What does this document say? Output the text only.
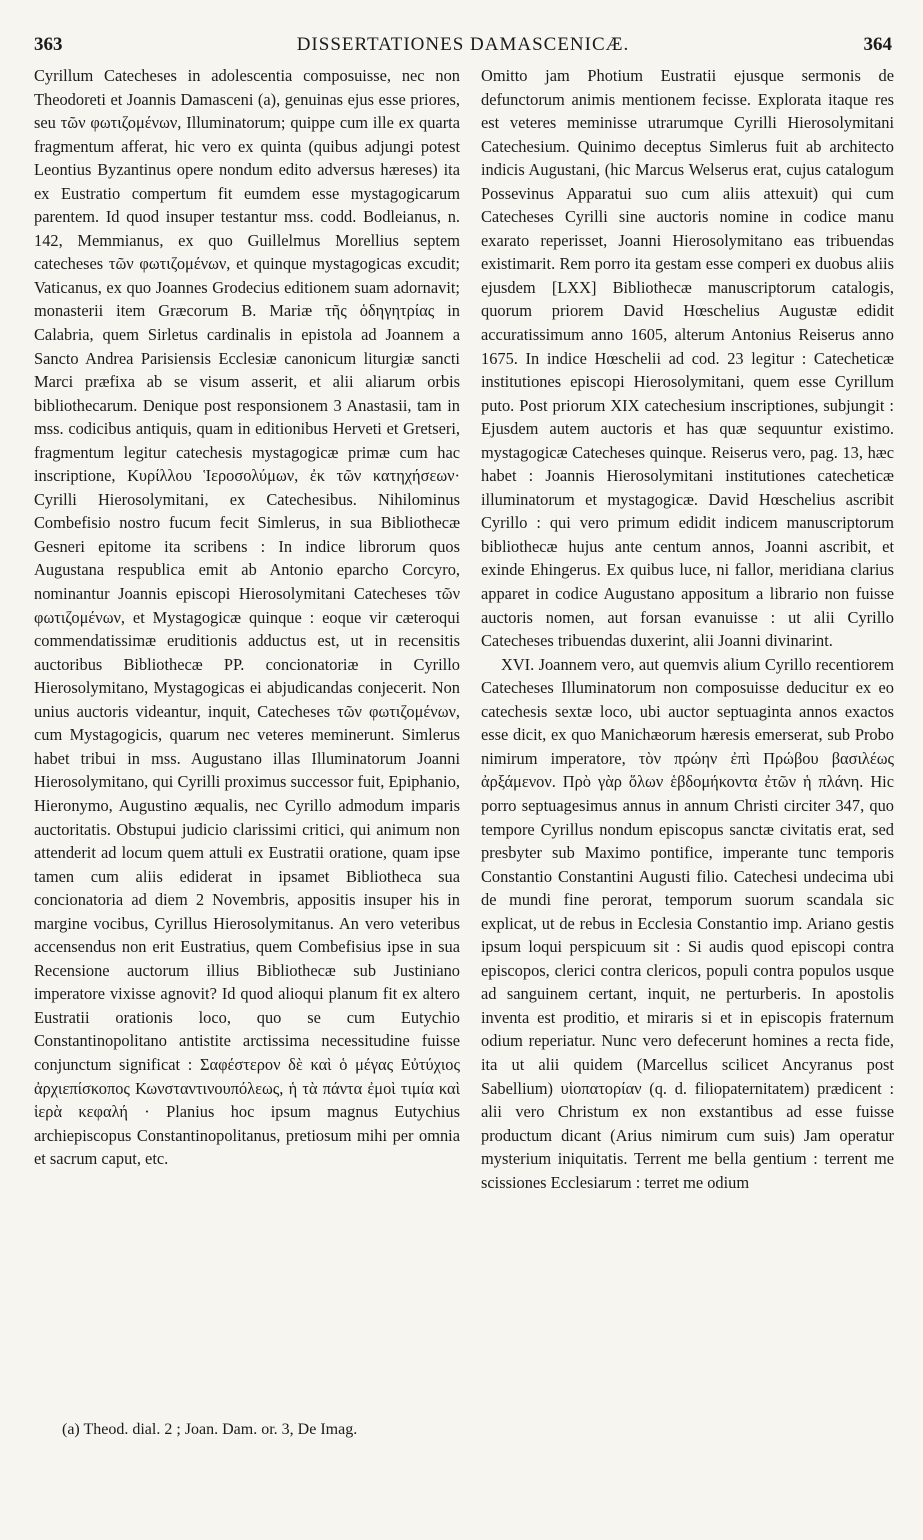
363	DISSERTATIONES DAMASCENICÆ.	364

Cyrillum Catecheses in adolescentia composuisse, nec non Theodoreti et Joannis Damasceni (a), genuinas ejus esse priores, seu τῶν φωτιζομένων, Illuminatorum; quippe cum ille ex quarta fragmentum afferat, hic vero ex quinta (quibus adjungi potest Leontius Byzantinus opere nondum edito adversus hæreses) ita ex Eustratio compertum fit eumdem esse mystagogicarum parentem. Id quod insuper testantur mss. codd. Bodleianus, n. 142, Memmianus, ex quo Guillelmus Morellius septem catecheses τῶν φωτιζομένων, et quinque mystagogicas excudit; Vaticanus, ex quo Joannes Grodecius editionem suam adornavit; monasterii item Græcorum B. Mariæ τῆς ὁδηγητρίας in Calabria, quem Sirletus cardinalis in epistola ad Joannem a Sancto Andrea Parisiensis Ecclesiæ canonicum liturgiæ sancti Marci præfixa ab se visum asserit, et alii aliarum orbis bibliothecarum. Denique post responsionem 3 Anastasii, tam in mss. codicibus antiquis, quam in editionibus Herveti et Gretseri, fragmentum legitur catechesis mystagogicæ primæ cum hac inscriptione, Κυρίλλου Ἱεροσολύμων, ἐκ τῶν κατηχήσεων· Cyrilli Hierosolymitani, ex Catechesibus. Nihilominus Combefisio nostro fucum fecit Simlerus, in sua Bibliothecæ Gesneri epitome ita scribens : In indice librorum quos Augustana respublica emit ab Antonio eparcho Corcyro, nominantur Joannis episcopi Hierosolymitani Catecheses τῶν φωτιζομένων, et Mystagogicæ quinque : eoque vir cæteroqui commendatissimæ eruditionis adductus est, ut in recensitis auctoribus Bibliothecæ PP. concionatoriæ in Cyrillo Hierosolymitano, Mystagogicas ei abjudicandas conjecerit. Non unius auctoris videantur, inquit, Catecheses τῶν φωτιζομένων, cum Mystagogicis, quarum nec veteres meminerunt. Simlerus habet tribui in mss. Augustano illas Illuminatorum Joanni Hierosolymitano, qui Cyrilli proximus successor fuit, Epiphanio, Hieronymo, Augustino æqualis, nec Cyrillo admodum imparis auctoritatis. Obstupui judicio clarissimi critici, qui animum non attenderit ad locum quem attuli ex Eustratii oratione, quam ipse tamen cum aliis ediderat in ipsamet Bibliotheca sua concionatoria ad diem 2 Novembris, appositis insuper his in margine vocibus, Cyrillus Hierosolymitanus. An vero veteribus accensendus non erit Eustratius, quem Combefisius ipse in sua Recensione auctorum illius Bibliothecæ sub Justiniano imperatore vixisse agnovit? Id quod alioqui planum fit ex altero Eustratii orationis loco, quo se cum Eutychio Constantinopolitano antistite arctissima necessitudine fuisse conjunctum significat : Σαφέστερον δὲ καὶ ὁ μέγας Εὐτύχιος ἀρχιεπίσκοπος Κωνσταντινουπόλεως, ἡ τὰ πάντα ἐμοὶ τιμία καὶ ἱερὰ κεφαλή · Planius hoc ipsum magnus Eutychius archiepiscopus Constantinopolitanus, pretiosum mihi per omnia et sacrum caput, etc.

Omitto jam Photium Eustratii ejusque sermonis de defunctorum animis mentionem fecisse. Explorata itaque res est veteres meminisse utrarumque Cyrilli Hierosolymitani Catechesium. Quinimo deceptus Simlerus fuit ab architecto indicis Augustani, (hic Marcus Welserus erat, cujus catalogum Possevinus Apparatui suo cum aliis attexuit) qui cum Catecheses Cyrilli sine auctoris nomine in codice manu exarato reperisset, Joanni Hierosolymitano eas tribuendas existimarit. Rem porro ita gestam esse comperi ex duobus aliis ejusdem [LXX] Bibliothecæ manuscriptorum catalogis, quorum priorem David Hœschelius Augustæ edidit accuratissimum anno 1605, alterum Antonius Reiserus anno 1675. In indice Hœschelii ad cod. 23 legitur : Catecheticæ institutiones episcopi Hierosolymitani, quem esse Cyrillum puto. Post priorum XIX catechesium inscriptiones, subjungit : Ejusdem autem auctoris et has quæ sequuntur existimo. mystagogicæ Catecheses quinque. Reiserus vero, pag. 13, hæc habet : Joannis Hierosolymitani institutiones catecheticæ illuminatorum et mystagogicæ. David Hœschelius ascribit Cyrillo : qui vero primum edidit indicem manuscriptorum bibliothecæ hujus ante centum annos, Joanni ascribit, et exinde Ehingerus. Ex quibus luce, ni fallor, meridiana clarius apparet in codice Augustano appositum a librario non fuisse auctoris nomen, aut forsan evanuisse : ut alii Cyrillo Catecheses tribuendas duxerint, alii Joanni divinarint.

XVI. Joannem vero, aut quemvis alium Cyrillo recentiorem Catecheses Illuminatorum non composuisse deducitur ex eo catechesis sextæ loco, ubi auctor septuaginta annos exactos esse dicit, ex quo Manichæorum hæresis emerserat, sub Probo nimirum imperatore, τὸν πρώην ἐπὶ Πρώβου βασιλέως ἀρξάμενον. Πρὸ γὰρ ὅλων ἑβδομήκοντα ἐτῶν ἡ πλάνη. Hic porro septuagesimus annus in annum Christi circiter 347, quo tempore Cyrillus nondum episcopus sanctæ civitatis erat, sed presbyter sub Maximo pontifice, imperante tunc temporis Constantio Constantini Augusti filio. Catechesi undecima ubi de mundi fine perorat, temporum suorum scandala sic explicat, ut de rebus in Ecclesia Constantio imp. Ariano gestis ipsum loqui perspicuum sit : Si audis quod episcopi contra episcopos, clerici contra clericos, populi contra populos usque ad sanguinem certant, inquit, ne perturberis. In apostolis inventa est proditio, et miraris si et in episcopis fraternum odium reperiatur. Nunc vero defecerunt homines a recta fide, ita ut alii quidem (Marcellus scilicet Ancyranus post Sabellium) υἱοπατορίαν (q. d. filiopaternitatem) prædicent : alii vero Christum ex non exstantibus ad esse fuisse productum dicant (Arius nimirum cum suis) Jam operatur mysterium iniquitatis. Terrent me bella gentium : terrent me scissiones Ecclesiarum : terret me odium

(a) Theod. dial. 2 ; Joan. Dam. or. 3, De Imag.
